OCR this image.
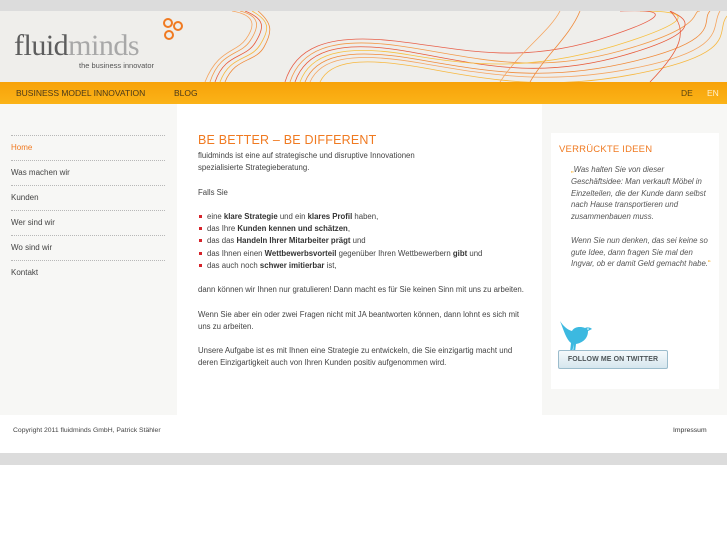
fluidminds
the business innovator
BUSINESS MODEL INNOVATION	BLOG	DE EN
Home
Was machen wir
Kunden
Wer sind wir
Wo sind wir
Kontakt
BE BETTER – BE DIFFERENT
fluidminds ist eine auf strategische und disruptive Innovationen
spezialisierte Strategieberatung.
Falls Sie
eine klare Strategie und ein klares Profil haben,
das Ihre Kunden kennen und schätzen,
das das Handeln Ihrer Mitarbeiter prägt und
das Ihnen einen Wettbewerbsvorteil gegenüber Ihren Wettbewerbern gibt und
das auch noch schwer imitierbar ist,
dann können wir Ihnen nur gratulieren! Dann macht es für Sie keinen Sinn mit uns zu arbeiten.
Wenn Sie aber ein oder zwei Fragen nicht mit JA beantworten können, dann lohnt es sich mit uns zu arbeiten.
Unsere Aufgabe ist es mit Ihnen eine Strategie zu entwickeln, die Sie einzigartig macht und deren Einzigartigkeit auch von Ihren Kunden positiv aufgenommen wird.
VERRÜCKTE IDEEN
„Was halten Sie von dieser Geschäftsidee: Man verkauft Möbel in Einzelteilen, die der Kunde dann selbst nach Hause transportieren und zusammenbauen muss.
Wenn Sie nun denken, das sei keine so gute Idee, dann fragen Sie mal den Ingvar, ob er damit Geld gemacht habe.“
FOLLOW ME ON TWITTER
Copyright 2011 fluidminds GmbH, Patrick Stähler	Impressum
